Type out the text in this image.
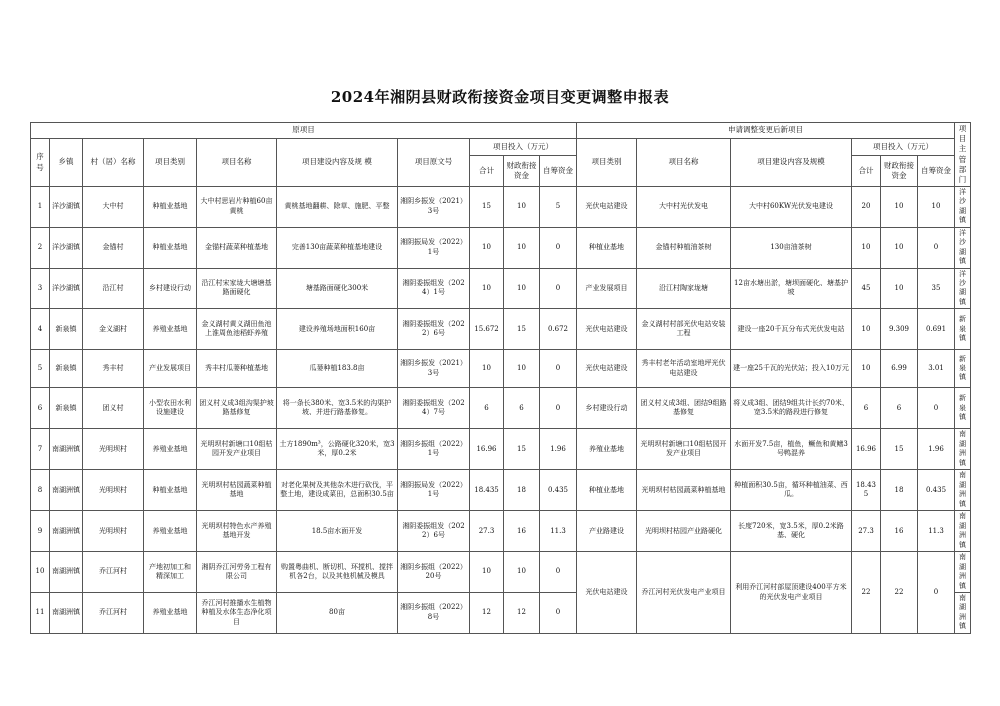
2024年湘阴县财政衔接资金项目变更调整申报表
原项目										申请调整变更后新项目						项目主管部门
序号	乡镇	村（居）名称	项目类别	项目名称	项目建设内容及规 模	项目原文号	项目投入（万元）			项目类别	项目名称	项目建设内容及规模	项目投入（万元）			
							合计	财政衔接资金	自筹资金				合计	财政衔接资金	自筹资金	
1	洋沙湖镇	大中村	种植业基地	大中村思岩片种植60亩黄桃	黄桃基地翻耕、除草、施肥、平整	湘阴乡振发（2021）3号	15	10	5	光伏电站建设	大中村光伏发电	大中村60KW光伏发电建设	20	10	10	洋沙湖镇
2	洋沙湖镇	金锚村	种植业基地	金锚村蔬菜种植基地	完善130亩蔬菜种植基地建设	湘阴振局发（2022）1号	10	10	0	种植业基地	金锚村种植油茶树	130亩油茶树	10	10	0	洋沙湖镇
3	洋沙湖镇	沿江村	乡村建设行动	沿江村宋家垅大塘塘基路面硬化	塘基路面硬化300米	湘阴委振组发（2024）1号	10	10	0	产业发展项目	沿江村陶家垅塘	12亩水塘出淤，塘坝面硬化、塘基护坡	45	10	35	洋沙湖镇
4	新泉镇	金义湖村	养殖业基地	金义湖村黄义湖田鱼池上淮周鱼池稻虾养殖	建设养殖场地面积160亩	湘阴委振组发（2022）6号	15.672	15	0.672	光伏电站建设	金义湖村村部光伏电站安装工程	建设一座20千瓦分布式光伏发电站	10	9.309	0.691	新泉镇
5	新泉镇	秀丰村	产业发展项目	秀丰村瓜蒌种植基地	瓜蒌种植183.8亩	湘阴乡振发（2021）3号	10	10	0	光伏电站建设	秀丰村老年活动室地坪光伏电站建设	建一座25千瓦的光伏站；投入10万元	10	6.99	3.01	新泉镇
6	新泉镇	团义村	小型农田水利设施建设	团义村义成3组沟渠护坡路基修复	将一条长380米、宽3.5米的沟渠护坡、并进行路基修复。	湘阴委振组发（2024）7号	6	6	0	乡村建设行动	团义村义成3组、团结9组路基修复	将义成3组、团结9组共计长约70米、宽3.5米的路段进行修复	6	6	0	新泉镇
7	南湖洲镇	光明坝村	养殖业基地	光明坝村新塘口10组枯园开发产业项目	土方1890m³，公路硬化320米，宽3米，厚0.2米	湘阴乡振组（2022）1号	16.96	15	1.96	养殖业基地	光明坝村新塘口10组枯园开发产业项目	水面开发7.5亩，植鱼，鳜鱼和黄鳝3号鸭混养	16.96	15	1.96	南湖洲镇
8	南湖洲镇	光明坝村	种植业基地	光明坝村枯园蔬菜种植基地	对老化果树及其他杂木进行砍伐，平整土地，建设成菜田，总面积30.5亩	湘阴振局发（2022）1号	18.435	18	0.435	种植业基地	光明坝村枯园蔬菜种植基地	种植面积30.5亩，循环种植油菜、西瓜。	18.435	18	0.435	南湖洲镇
9	南湖洲镇	光明坝村	养殖业基地	光明坝村特色水产养殖基地开发	18.5亩水面开发	湘阴委振组发（2022）6号	27.3	16	11.3	产业路建设	光明坝村枯园产业路硬化	长度720米，宽3.5米，厚0.2米路基、硬化	27.3	16	11.3	南湖洲镇
10	南湖洲镇	乔江河村	产地初加工和精深加工	湘阴乔江河劳务工程有限公司	购置粤曲机、断切机、环搅机、搅拌机各2台，以及其他机械及模具	湘阴乡振组（2022）20号	10	10	0	光伏电站建设	乔江河村光伏发电产业项目	利用乔江河村部屋顶建设400平方米的光伏发电产业项目	22	22	0	南湖洲镇
11	南湖洲镇	乔江河村	养殖业基地	乔江河村推播水生植物种植及水体生态净化项目	80亩	湘阴乡振组（2022）8号	12	12	0							南湖洲镇
